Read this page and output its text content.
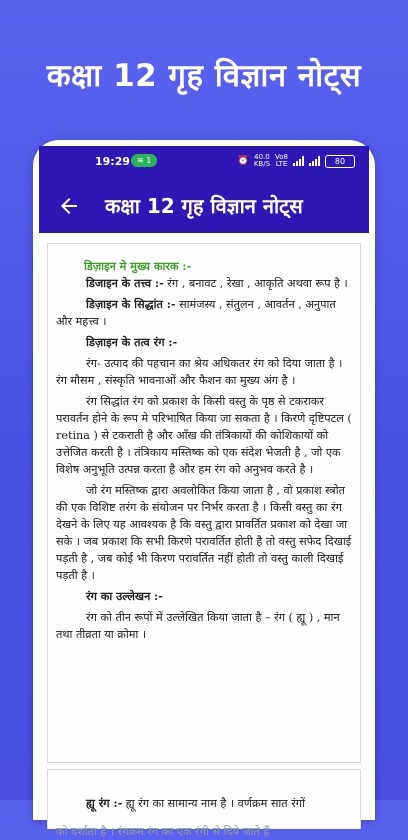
कक्षा 12 गृह विज्ञान नोट्स
19:29 ≋ 1	⏰ 40.0
KB/S
Vo8
LTE	80
कक्षा 12 गृह विज्ञान नोट्स

डिज़ाइन मे मुख्य कारक :-

डिजाइन के तत्त्व :- रंग , बनावट , रेखा , आकृति अथवा रूप है ।

डिज़ाइन के सिद्धांत :- सामंजस्य , संतुलन , आवर्तन , अनुपात और महत्त्व ।

डिज़ाइन के तत्व रंग :-

रंग- उत्पाद की पहचान का श्रेय अधिकतर रंग को दिया जाता है । रंग मौसम , संस्कृति भावनाओं और फैशन का मुख्य अंग है ।

रंग सिद्धांत रंग को प्रकाश के किसी वस्तु के पृष्ठ से टकराकर परावर्तन होने के रूप मे परिभाषित किया जा सकता है । किरणे दृष्टिपटल ( retina ) से टकराती है और आँख की तंत्रिकायों की कोशिकायों को उत्तेजित करती है । तंत्रिकाय मस्तिष्क को एक संदेश भेजती है , जो एक विशेष अनुभूति उत्पन्न करता है और हम रंग को अनुभव करते है ।

जो रंग मस्तिष्क द्वारा अवलोकित किया जाता है , वो प्रकाश स्त्रोत की एक विशिष्ट तरंग के संयोजन पर निर्भर करता है । किसी वस्तु का रंग देखने के लिए यह आवश्यक है कि वस्तु द्वारा प्रावर्तित प्रकाश को देखा जा सके । जब प्रकाश कि सभी किरणे परावर्तित होती है तो वस्तु सफेद दिखाई पड़ती है , जब कोई भी किरण परावर्तित नहीं होती तो वस्तु काली दिखाई पड़ती है ।

रंग का उल्लेखन :-

रंग को तीन रूपों में उल्लेखित किया जाता है – रंग ( ह्यू ) , मान तथा तीव्रता या क्रोमा ।

ह्यू रंग :- ह्यू रंग का सामान्य नाम है । वर्णक्रम सात रंगों

को दर्शाता है । रंगक्रम रंग का एक रंगी से दिये जाते हैं
